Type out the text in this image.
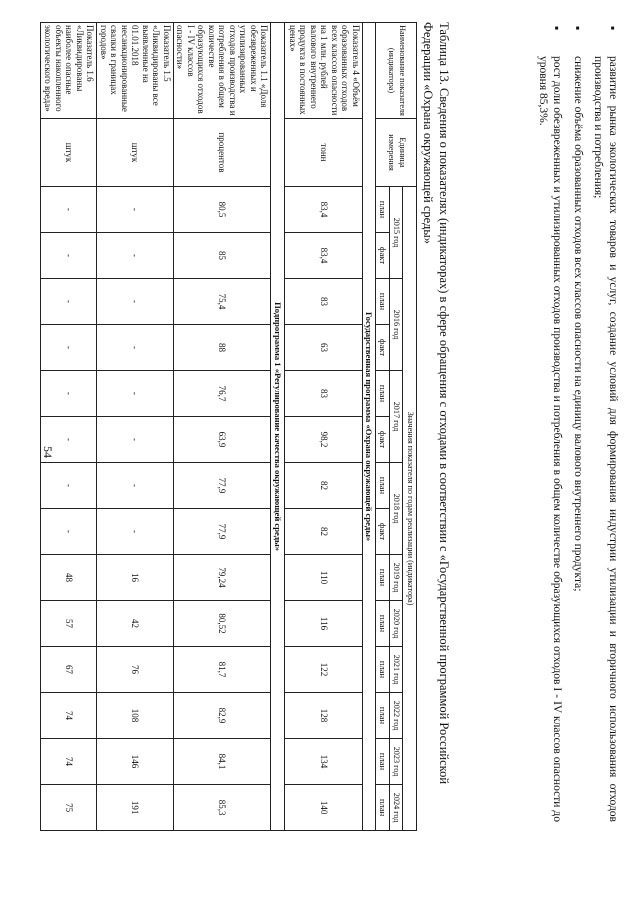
54
▪
развитие рынка экологических товаров и услуг, создание условий для формирования индустрии утилизации и вторичного использования отходов производства и потребления;
▪
снижение объёма образованных отходов всех классов опасности на единицу валового внутреннего продукта;
▪
рост доли обезвреженных и утилизированных отходов производства и потребления в общем количестве образующихся отходов I - IV классов опасности до уровня 85,3%.
Таблица 13. Сведения о показателях (индикаторах) в сфере обращения с отходами в соответствии с «Государственной программой Российской Федерации «Охрана окружающей среды»
Наименование показателя (индикатора)	Единица измерения	Значения показателя по годам реализации (индикатора)													
		2015 год		2016 год		2017 год		2018 год		2019 год	2020 год	2021 год	2022 год	2023 год	2024 год
		план	факт	план	факт	план	факт	план	факт	план	план	план	план	план	план
Государственная программа «Охрана окружающей среды»															
Показатель 4 «Объём образованных отходов всех классов опасности на 1 млн. рублей валового внутреннего продукта в постоянных ценах»	тонн	83,4	83,4	83	63	83	98,2	82	82	110	116	122	128	134	140
Подпрограмма 1 «Регулирование качества окружающей среды»															
Показатель 1.1 «Доля обезвреженных и утилизированных отходов производства и потребления в общем количестве образующихся отходов I - IV классов опасности»	процентов	80,5	85	75,4	88	76,7	63,9	77,9	77,9	79,24	80,52	81,7	82,9	84,1	85,3
Показатель 1.5 «Ликвидированы все выявленные на 01.01.2018 несанкционированные свалки в границах городов»	штук	-	-	-	-	-	-	-	-	16	42	76	108	146	191
Показатель 1.6 «Ликвидированы наиболее опасные объекты накопленного экологического вреда»	штук	-	-	-	-	-	-	-	-	48	57	67	74	74	75
